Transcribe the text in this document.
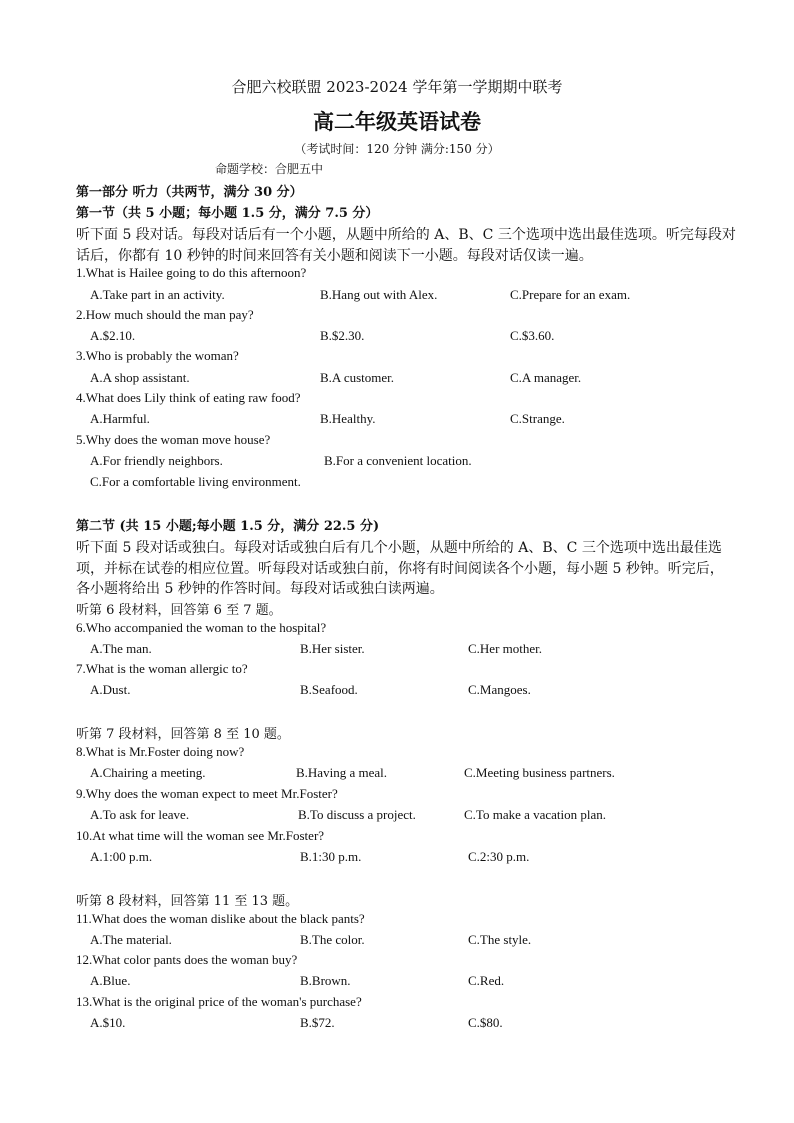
合肥六校联盟 2023-2024 学年第一学期期中联考
高二年级英语试卷
（考试时间：120 分钟 满分:150 分）
命题学校：合肥五中
第一部分 听力（共两节，满分 30 分）
第一节（共 5 小题；每小题 1.5 分，满分 7.5 分）
听下面 5 段对话。每段对话后有一个小题，从题中所给的 A、B、C 三个选项中选出最佳选项。听完每段对
话后，你都有 10 秒钟的时间来回答有关小题和阅读下一小题。每段对话仅读一遍。
1.What is Hailee going to do this afternoon?
A.Take part in an activity.	B.Hang out with Alex.	C.Prepare for an exam.
2.How much should the man pay?
A.$2.10.	B.$2.30.	C.$3.60.
3.Who is probably the woman?
A.A shop assistant.	B.A customer.	C.A manager.
4.What does Lily think of eating raw food?
A.Harmful.	B.Healthy.	C.Strange.
5.Why does the woman move house?
A.For friendly neighbors.	B.For a convenient location.
C.For a comfortable living environment.
第二节 (共 15 小题;每小题 1.5 分，满分 22.5 分)
听下面 5 段对话或独白。每段对话或独白后有几个小题，从题中所给的 A、B、C 三个选项中选出最佳选
项，并标在试卷的相应位置。听每段对话或独白前，你将有时间阅读各个小题，每小题 5 秒钟。听完后，
各小题将给出 5 秒钟的作答时间。每段对话或独白读两遍。
听第 6 段材料，回答第 6 至 7 题。
6.Who accompanied the woman to the hospital?
A.The man.	B.Her sister.	C.Her mother.
7.What is the woman allergic to?
A.Dust.	B.Seafood.	C.Mangoes.
听第 7 段材料，回答第 8 至 10 题。
8.What is Mr.Foster doing now?
A.Chairing a meeting.	B.Having a meal.	C.Meeting business partners.
9.Why does the woman expect to meet Mr.Foster?
A.To ask for leave.	B.To discuss a project.	C.To make a vacation plan.
10.At what time will the woman see Mr.Foster?
A.1:00 p.m.	B.1:30 p.m.	C.2:30 p.m.
听第 8 段材料，回答第 11 至 13 题。
11.What does the woman dislike about the black pants?
A.The material.	B.The color.	C.The style.
12.What color pants does the woman buy?
A.Blue.	B.Brown.	C.Red.
13.What is the original price of the woman's purchase?
A.$10.	B.$72.	C.$80.
